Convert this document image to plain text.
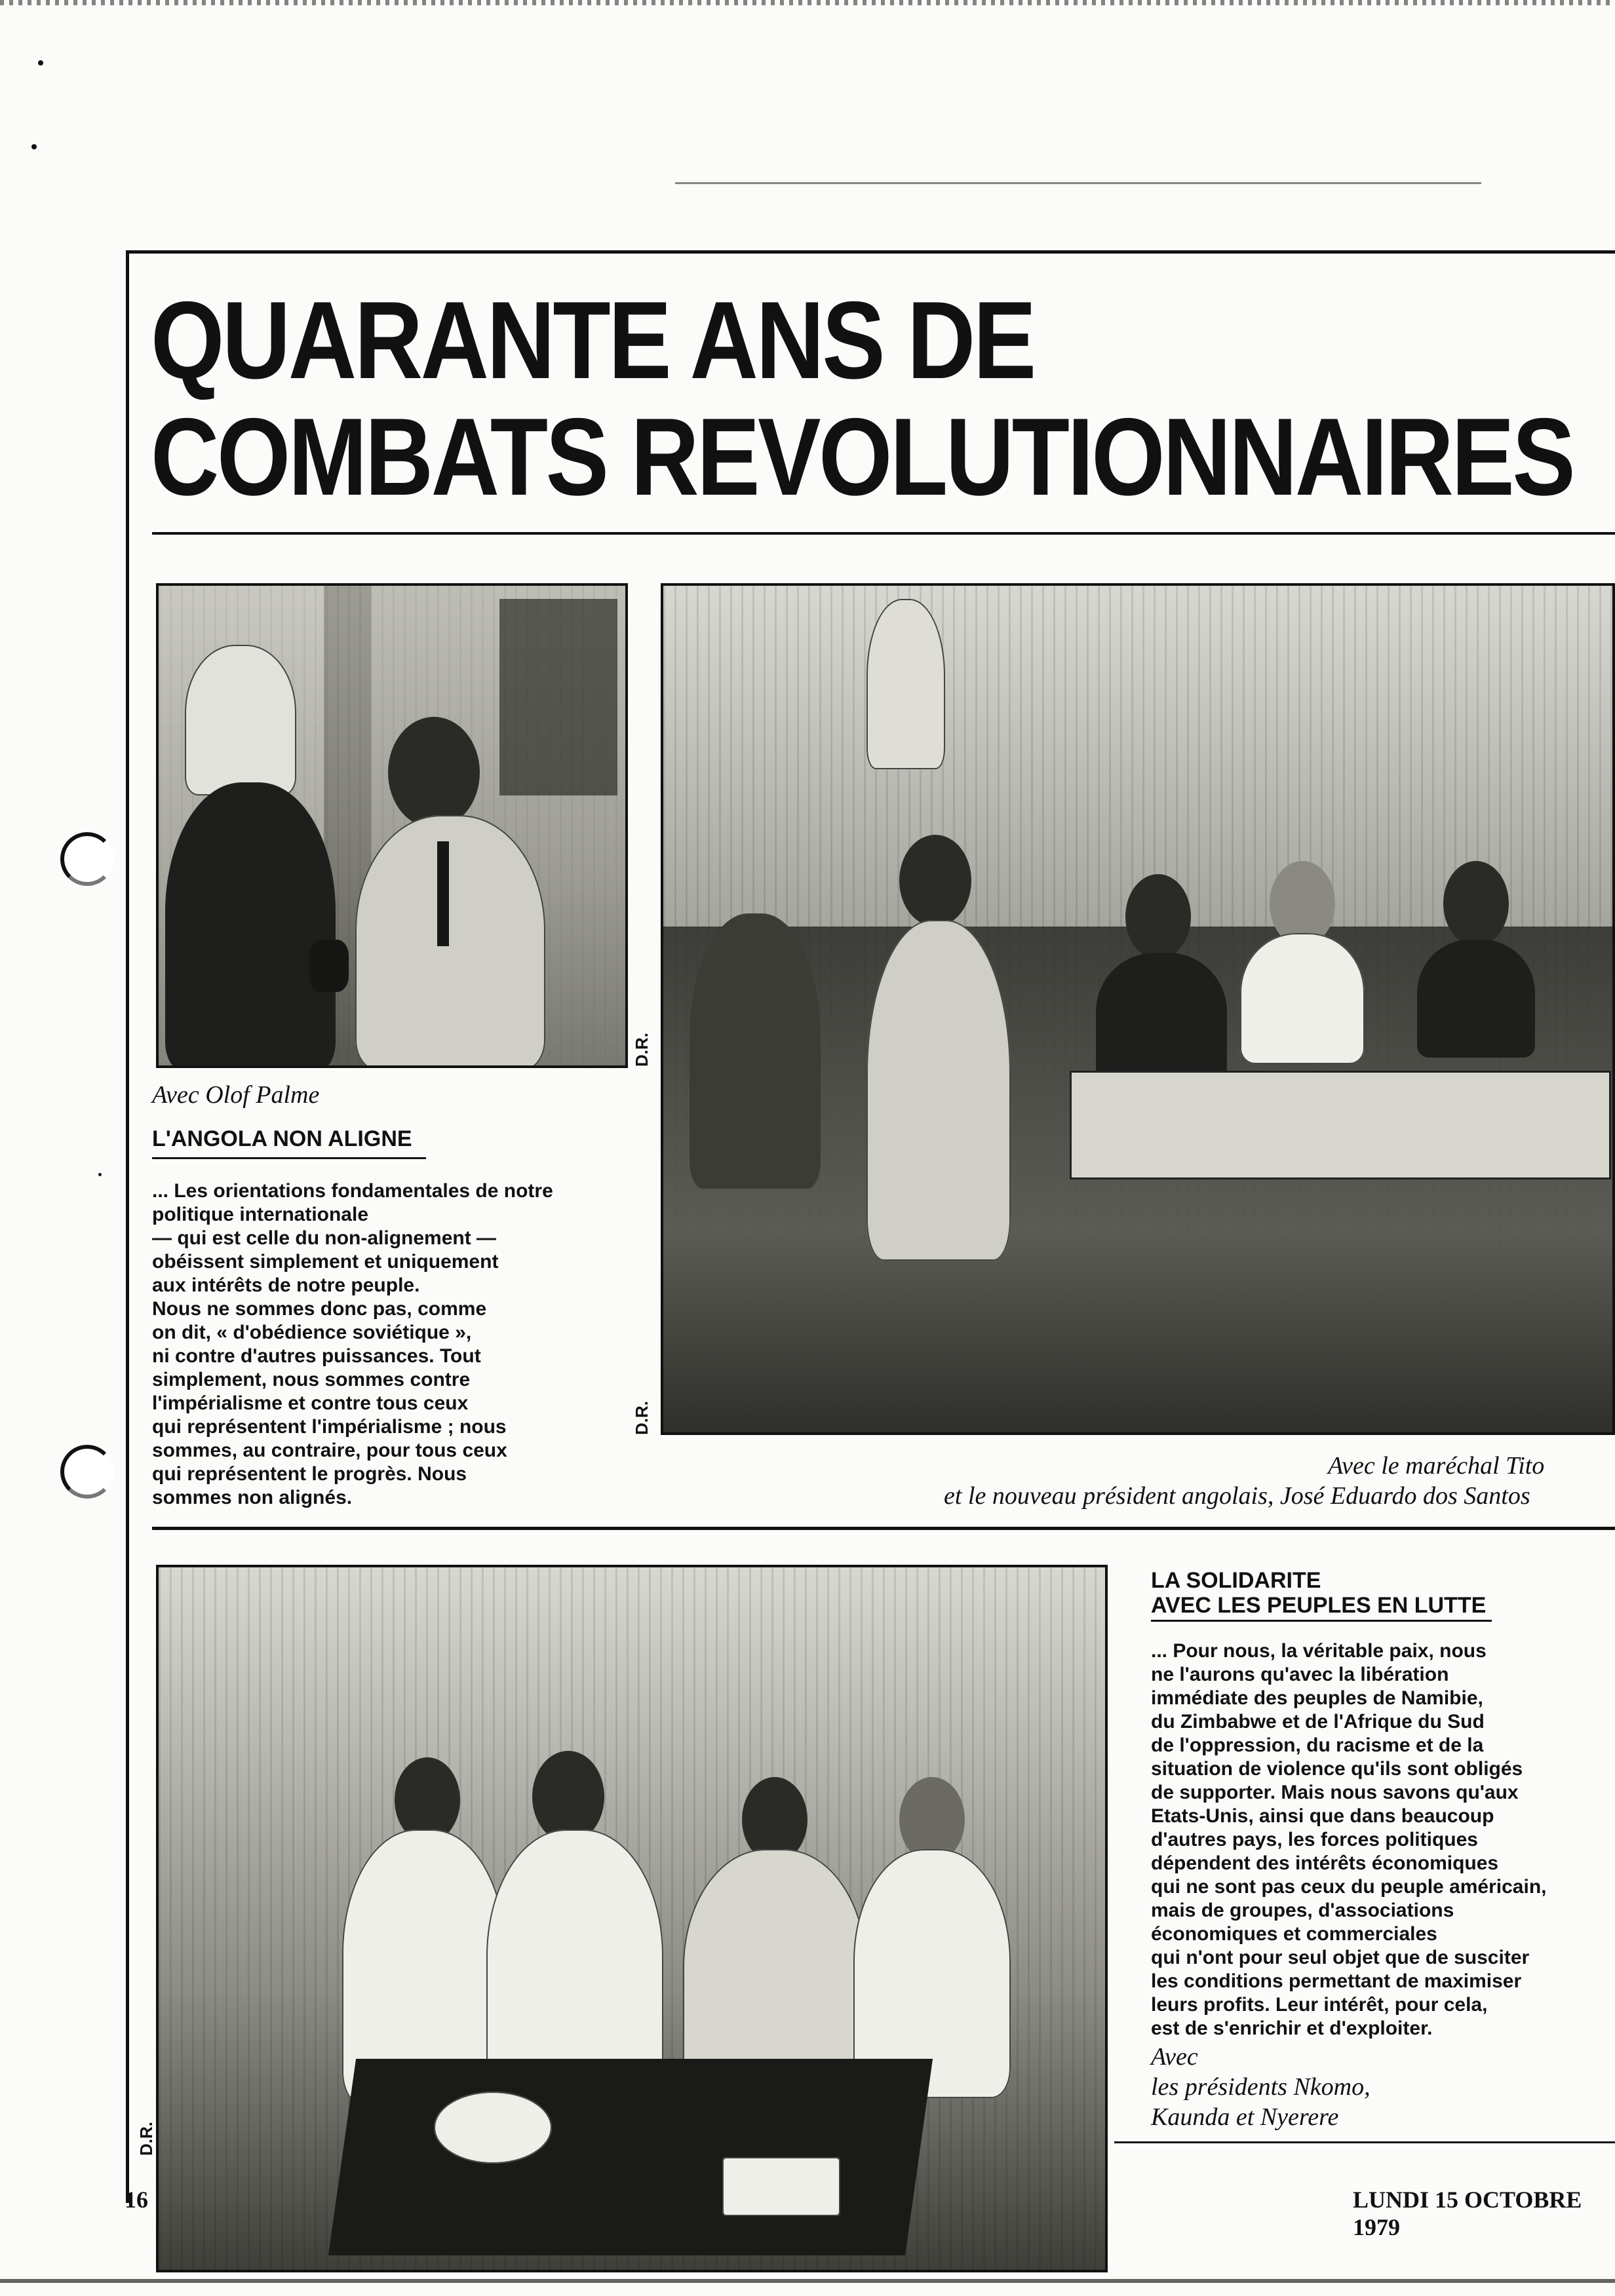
QUARANTE ANS DE
COMBATS REVOLUTIONNAIRES
D.R.
Avec Olof Palme
L'ANGOLA NON ALIGNE
... Les orientations fondamentales de notre
politique internationale
— qui est celle du non-alignement —
obéissent simplement et uniquement
aux intérêts de notre peuple.
Nous ne sommes donc pas, comme
on dit, « d'obédience soviétique »,
ni contre d'autres puissances. Tout
simplement, nous sommes contre
l'impérialisme et contre tous ceux
qui représentent l'impérialisme ; nous
sommes, au contraire, pour tous ceux
qui représentent le progrès. Nous
sommes non alignés.
D.R.
Avec le maréchal Tito
et le nouveau président angolais, José Eduardo dos Santos
D.R.
LA SOLIDARITE
AVEC LES PEUPLES EN LUTTE
... Pour nous, la véritable paix, nous
ne l'aurons qu'avec la libération
immédiate des peuples de Namibie,
du Zimbabwe et de l'Afrique du Sud
de l'oppression, du racisme et de la
situation de violence qu'ils sont obligés
de supporter. Mais nous savons qu'aux
Etats-Unis, ainsi que dans beaucoup
d'autres pays, les forces politiques
dépendent des intérêts économiques
qui ne sont pas ceux du peuple américain,
mais de groupes, d'associations
économiques et commerciales
qui n'ont pour seul objet que de susciter
les conditions permettant de maximiser
leurs profits. Leur intérêt, pour cela,
est de s'enrichir et d'exploiter.
Avec
les présidents Nkomo,
Kaunda et Nyerere
16	LUNDI 15 OCTOBRE 1979
